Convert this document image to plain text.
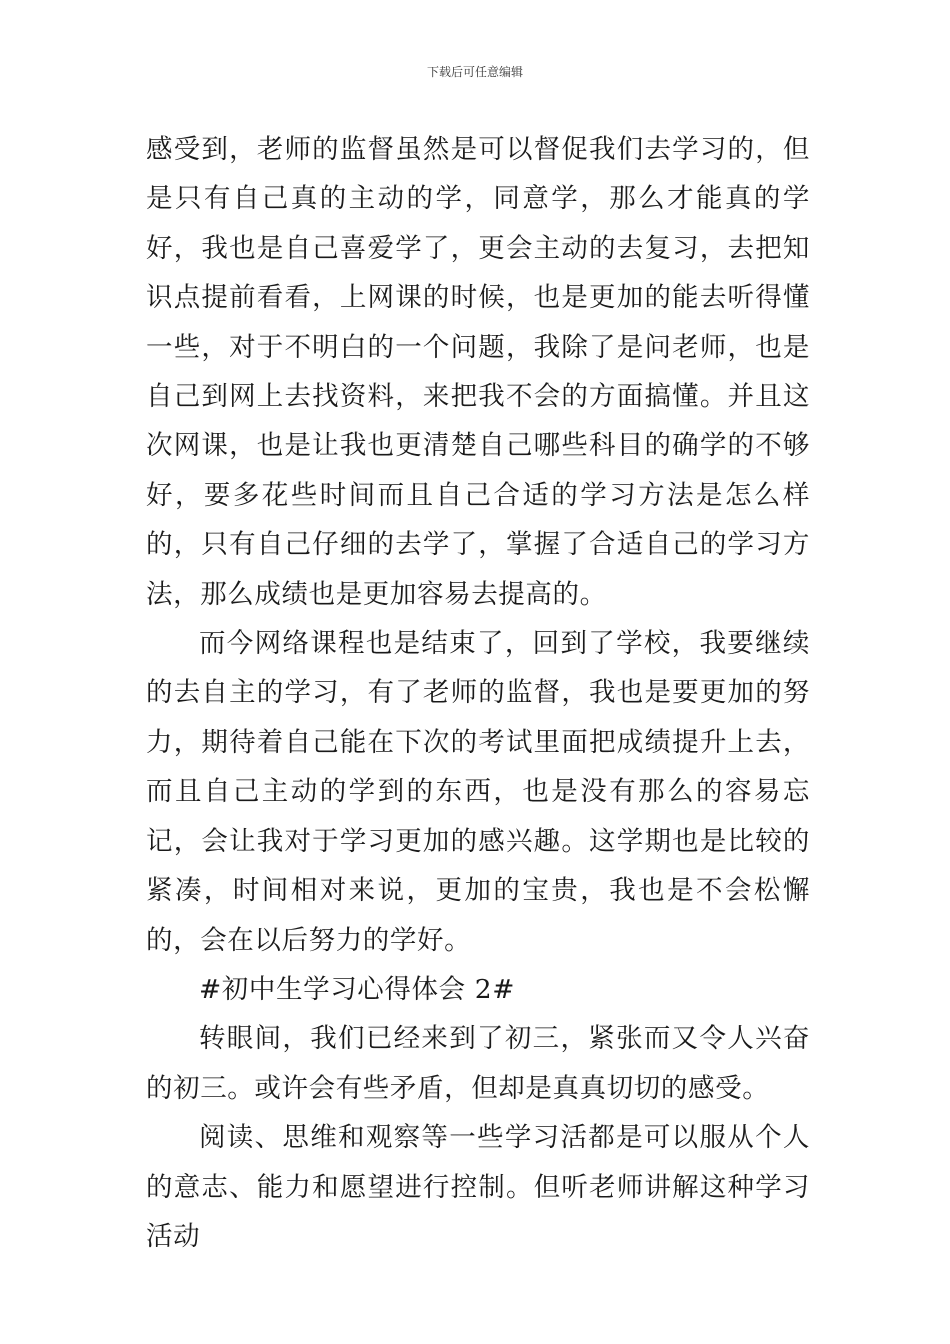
下载后可任意编辑

感受到，老师的监督虽然是可以督促我们去学习的，但是只有自己真的主动的学，同意学，那么才能真的学好，我也是自己喜爱学了，更会主动的去复习，去把知识点提前看看，上网课的时候，也是更加的能去听得懂一些，对于不明白的一个问题，我除了是问老师，也是自己到网上去找资料，来把我不会的方面搞懂。并且这次网课，也是让我也更清楚自己哪些科目的确学的不够好，要多花些时间而且自己合适的学习方法是怎么样的，只有自己仔细的去学了，掌握了合适自己的学习方法，那么成绩也是更加容易去提高的。

而今网络课程也是结束了，回到了学校，我要继续的去自主的学习，有了老师的监督，我也是要更加的努力，期待着自己能在下次的考试里面把成绩提升上去，而且自己主动的学到的东西，也是没有那么的容易忘记，会让我对于学习更加的感兴趣。这学期也是比较的紧凑，时间相对来说，更加的宝贵，我也是不会松懈的，会在以后努力的学好。

#初中生学习心得体会 2#

转眼间，我们已经来到了初三，紧张而又令人兴奋的初三。或许会有些矛盾，但却是真真切切的感受。

阅读、思维和观察等一些学习活都是可以服从个人的意志、能力和愿望进行控制。但听老师讲解这种学习活动
